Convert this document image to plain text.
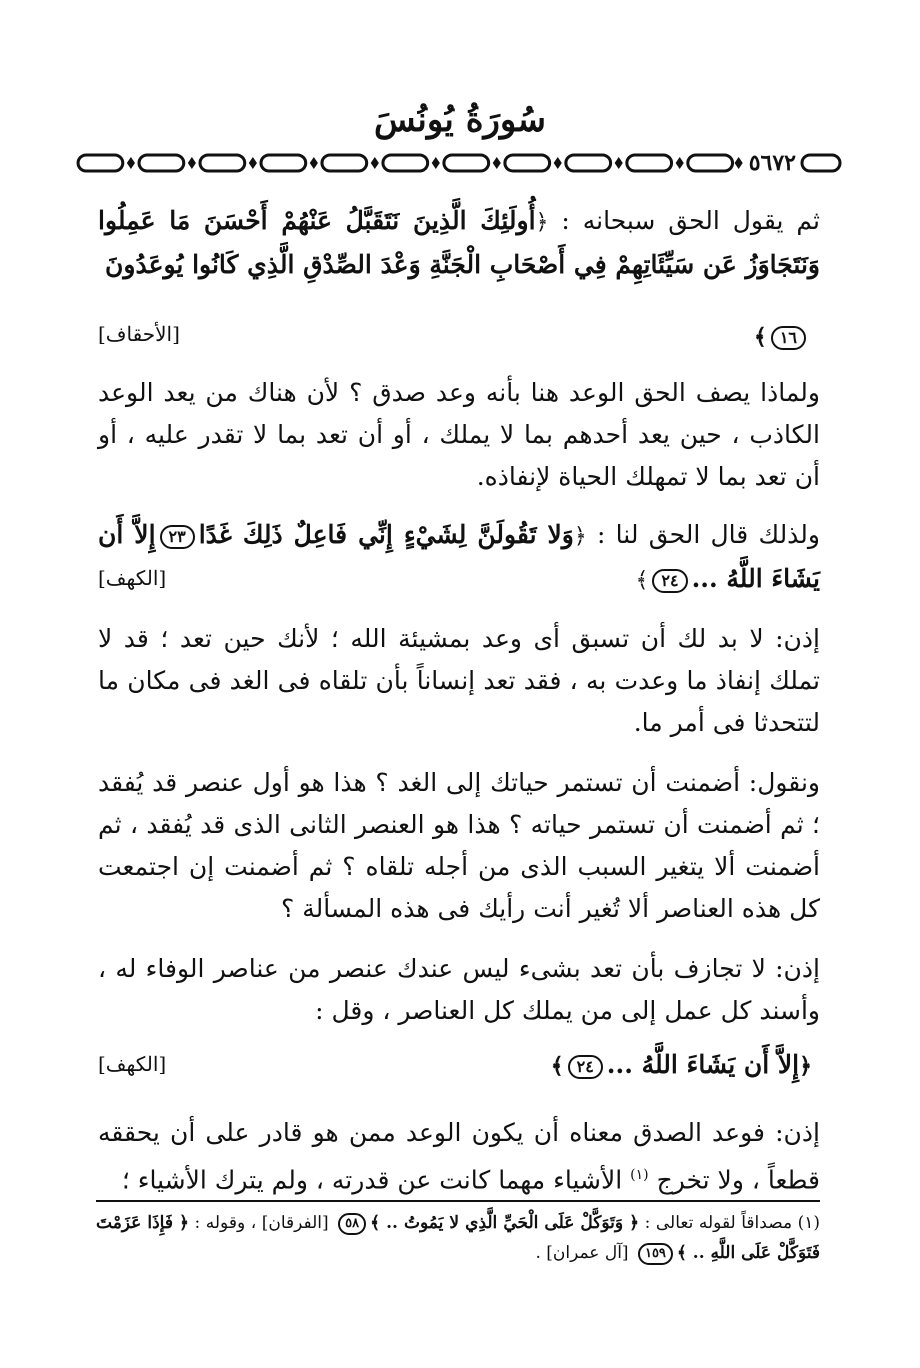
سُورَةُ يُونُسَ
٥٦٧٢
ثم يقول الحق سبحانه : ﴿أُولَئِكَ الَّذِينَ نَتَقَبَّلُ عَنْهُمْ أَحْسَنَ مَا عَمِلُوا وَنَتَجَاوَزُ عَن سَيِّئَاتِهِمْ فِي أَصْحَابِ الْجَنَّةِ وَعْدَ الصِّدْقِ الَّذِي كَانُوا يُوعَدُونَ
١٦﴾
[الأحقاف]
ولماذا يصف الحق الوعد هنا بأنه وعد صدق ؟ لأن هناك من يعد الوعد الكاذب ، حين يعد أحدهم بما لا يملك ، أو أن تعد بما لا تقدر عليه ، أو أن تعد بما لا تمهلك الحياة لإنفاذه.
ولذلك قال الحق لنا : ﴿وَلا تَقُولَنَّ لِشَيْءٍ إِنِّي فَاعِلٌ ذَلِكَ غَدًا٢٣إِلاَّ أَن يَشَاءَ اللَّهُ ...٢٤﴾
[الكهف]
إذن: لا بد لك أن تسبق أى وعد بمشيئة الله ؛ لأنك حين تعد ؛ قد لا تملك إنفاذ ما وعدت به ، فقد تعد إنساناً بأن تلقاه فى الغد فى مكان ما لتتحدثا فى أمر ما.
ونقول: أضمنت أن تستمر حياتك إلى الغد ؟ هذا هو أول عنصر قد يُفقد ؛ ثم أضمنت أن تستمر حياته ؟ هذا هو العنصر الثانى الذى قد يُفقد ، ثم أضمنت ألا يتغير السبب الذى من أجله تلقاه ؟ ثم أضمنت إن اجتمعت كل هذه العناصر ألا تُغير أنت رأيك فى هذه المسألة ؟
إذن: لا تجازف بأن تعد بشىء ليس عندك عنصر من عناصر الوفاء له ، وأسند كل عمل إلى من يملك كل العناصر ، وقل :
﴿إِلاَّ أَن يَشَاءَ اللَّهُ ...٢٤﴾
[الكهف]
إذن: فوعد الصدق معناه أن يكون الوعد ممن هو قادر على أن يحققه قطعاً ، ولا تخرج $^{(١)}$ الأشياء مهما كانت عن قدرته ، ولم يترك الأشياء ؛
(١) مصداقاً لقوله تعالى : ﴿ وَتَوَكَّلْ عَلَى الْحَيِّ الَّذِي لا يَمُوتُ .. ﴾٥٨ [الفرقان] ، وقوله : ﴿ فَإِذَا عَزَمْتَ فَتَوَكَّلْ عَلَى اللَّهِ .. ﴾١٥٩ [آل عمران] .
